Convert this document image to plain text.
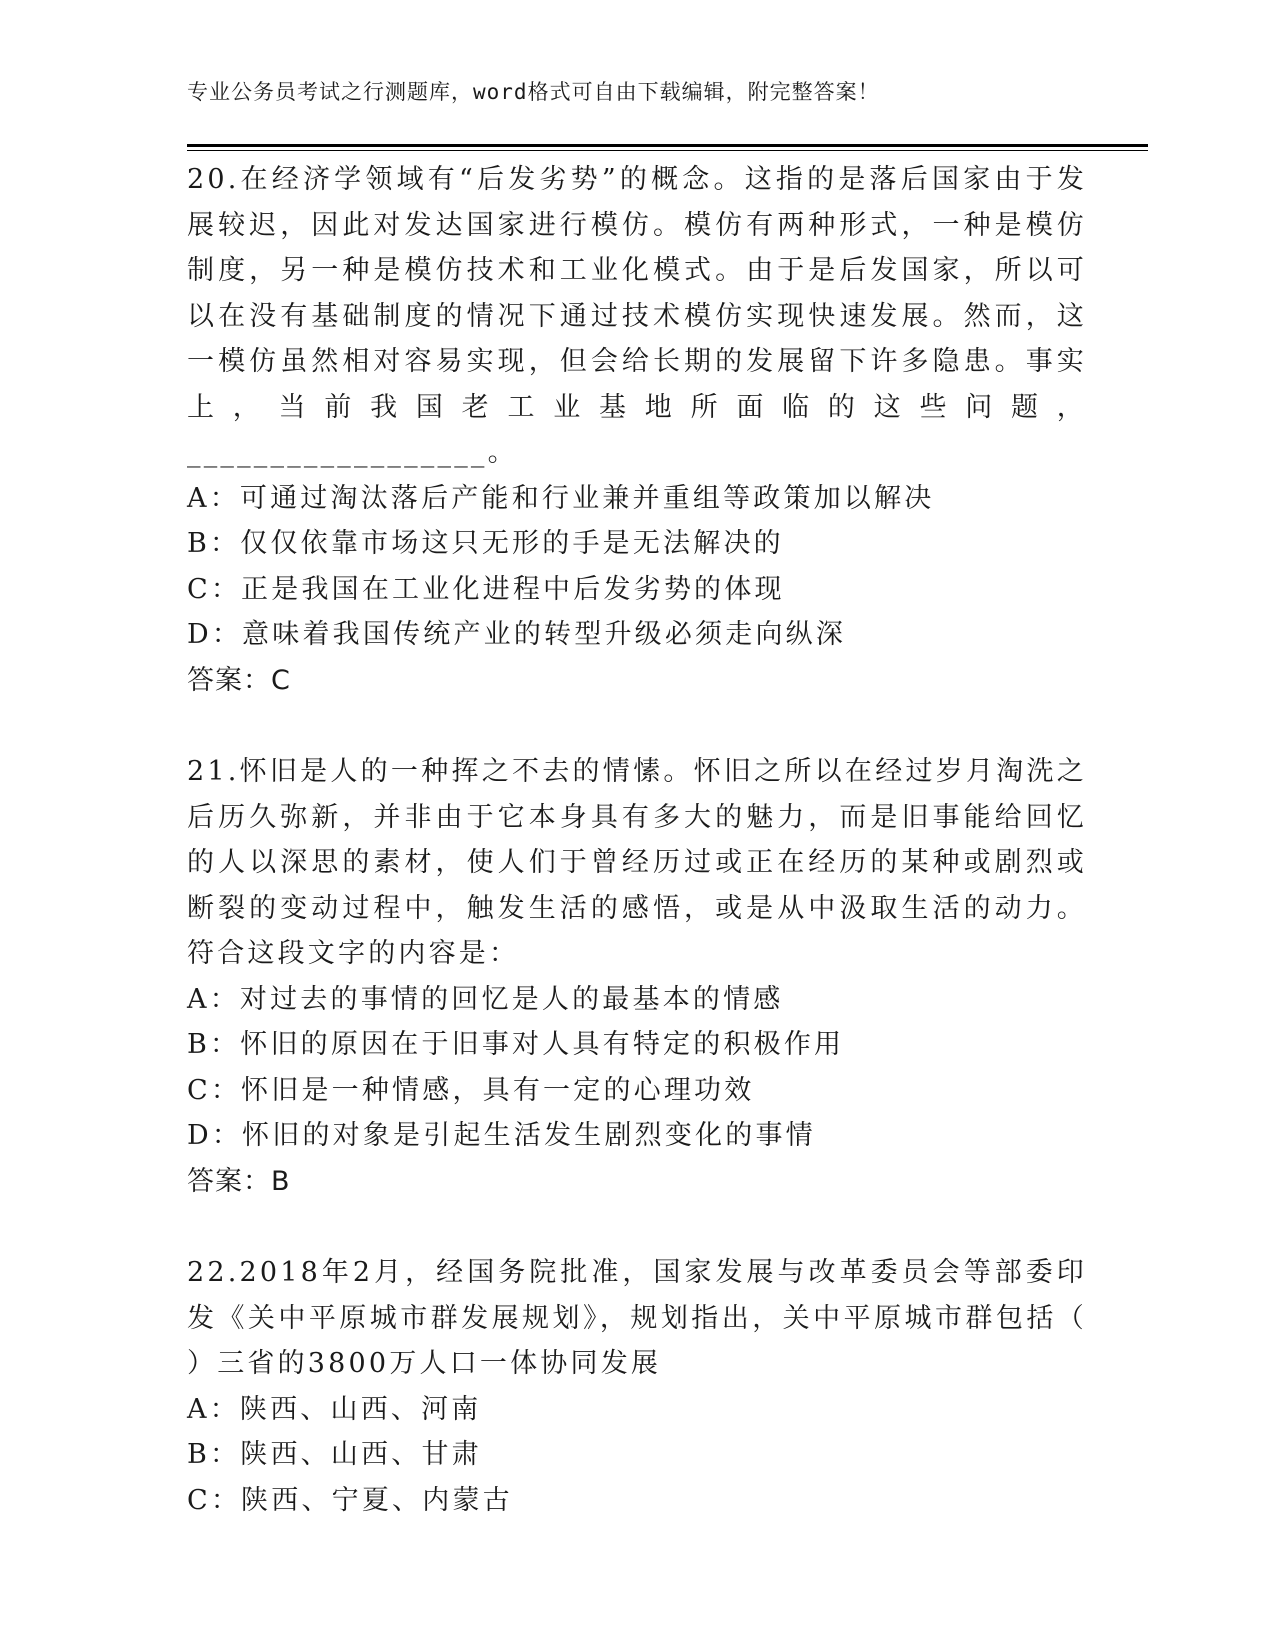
专业公务员考试之行测题库，word格式可自由下载编辑，附完整答案！
20.在经济学领域有“后发劣势”的概念。这指的是落后国家由于发展较迟，因此对发达国家进行模仿。模仿有两种形式，一种是模仿制度，另一种是模仿技术和工业化模式。由于是后发国家，所以可以在没有基础制度的情况下通过技术模仿实现快速发展。然而，这一模仿虽然相对容易实现，但会给长期的发展留下许多隐患。事实上，当前我国老工业基地所面临的这些问题，__________________。
A：可通过淘汰落后产能和行业兼并重组等政策加以解决
B：仅仅依靠市场这只无形的手是无法解决的
C：正是我国在工业化进程中后发劣势的体现
D：意味着我国传统产业的转型升级必须走向纵深
答案：C
21.怀旧是人的一种挥之不去的情愫。怀旧之所以在经过岁月淘洗之后历久弥新，并非由于它本身具有多大的魅力，而是旧事能给回忆的人以深思的素材，使人们于曾经历过或正在经历的某种或剧烈或断裂的变动过程中，触发生活的感悟，或是从中汲取生活的动力。符合这段文字的内容是：
A：对过去的事情的回忆是人的最基本的情感
B：怀旧的原因在于旧事对人具有特定的积极作用
C：怀旧是一种情感，具有一定的心理功效
D：怀旧的对象是引起生活发生剧烈变化的事情
答案：B
22.2018年2月，经国务院批准，国家发展与改革委员会等部委印发《关中平原城市群发展规划》，规划指出，关中平原城市群包括（ ）三省的3800万人口一体协同发展
A：陕西、山西、河南
B：陕西、山西、甘肃
C：陕西、宁夏、内蒙古
